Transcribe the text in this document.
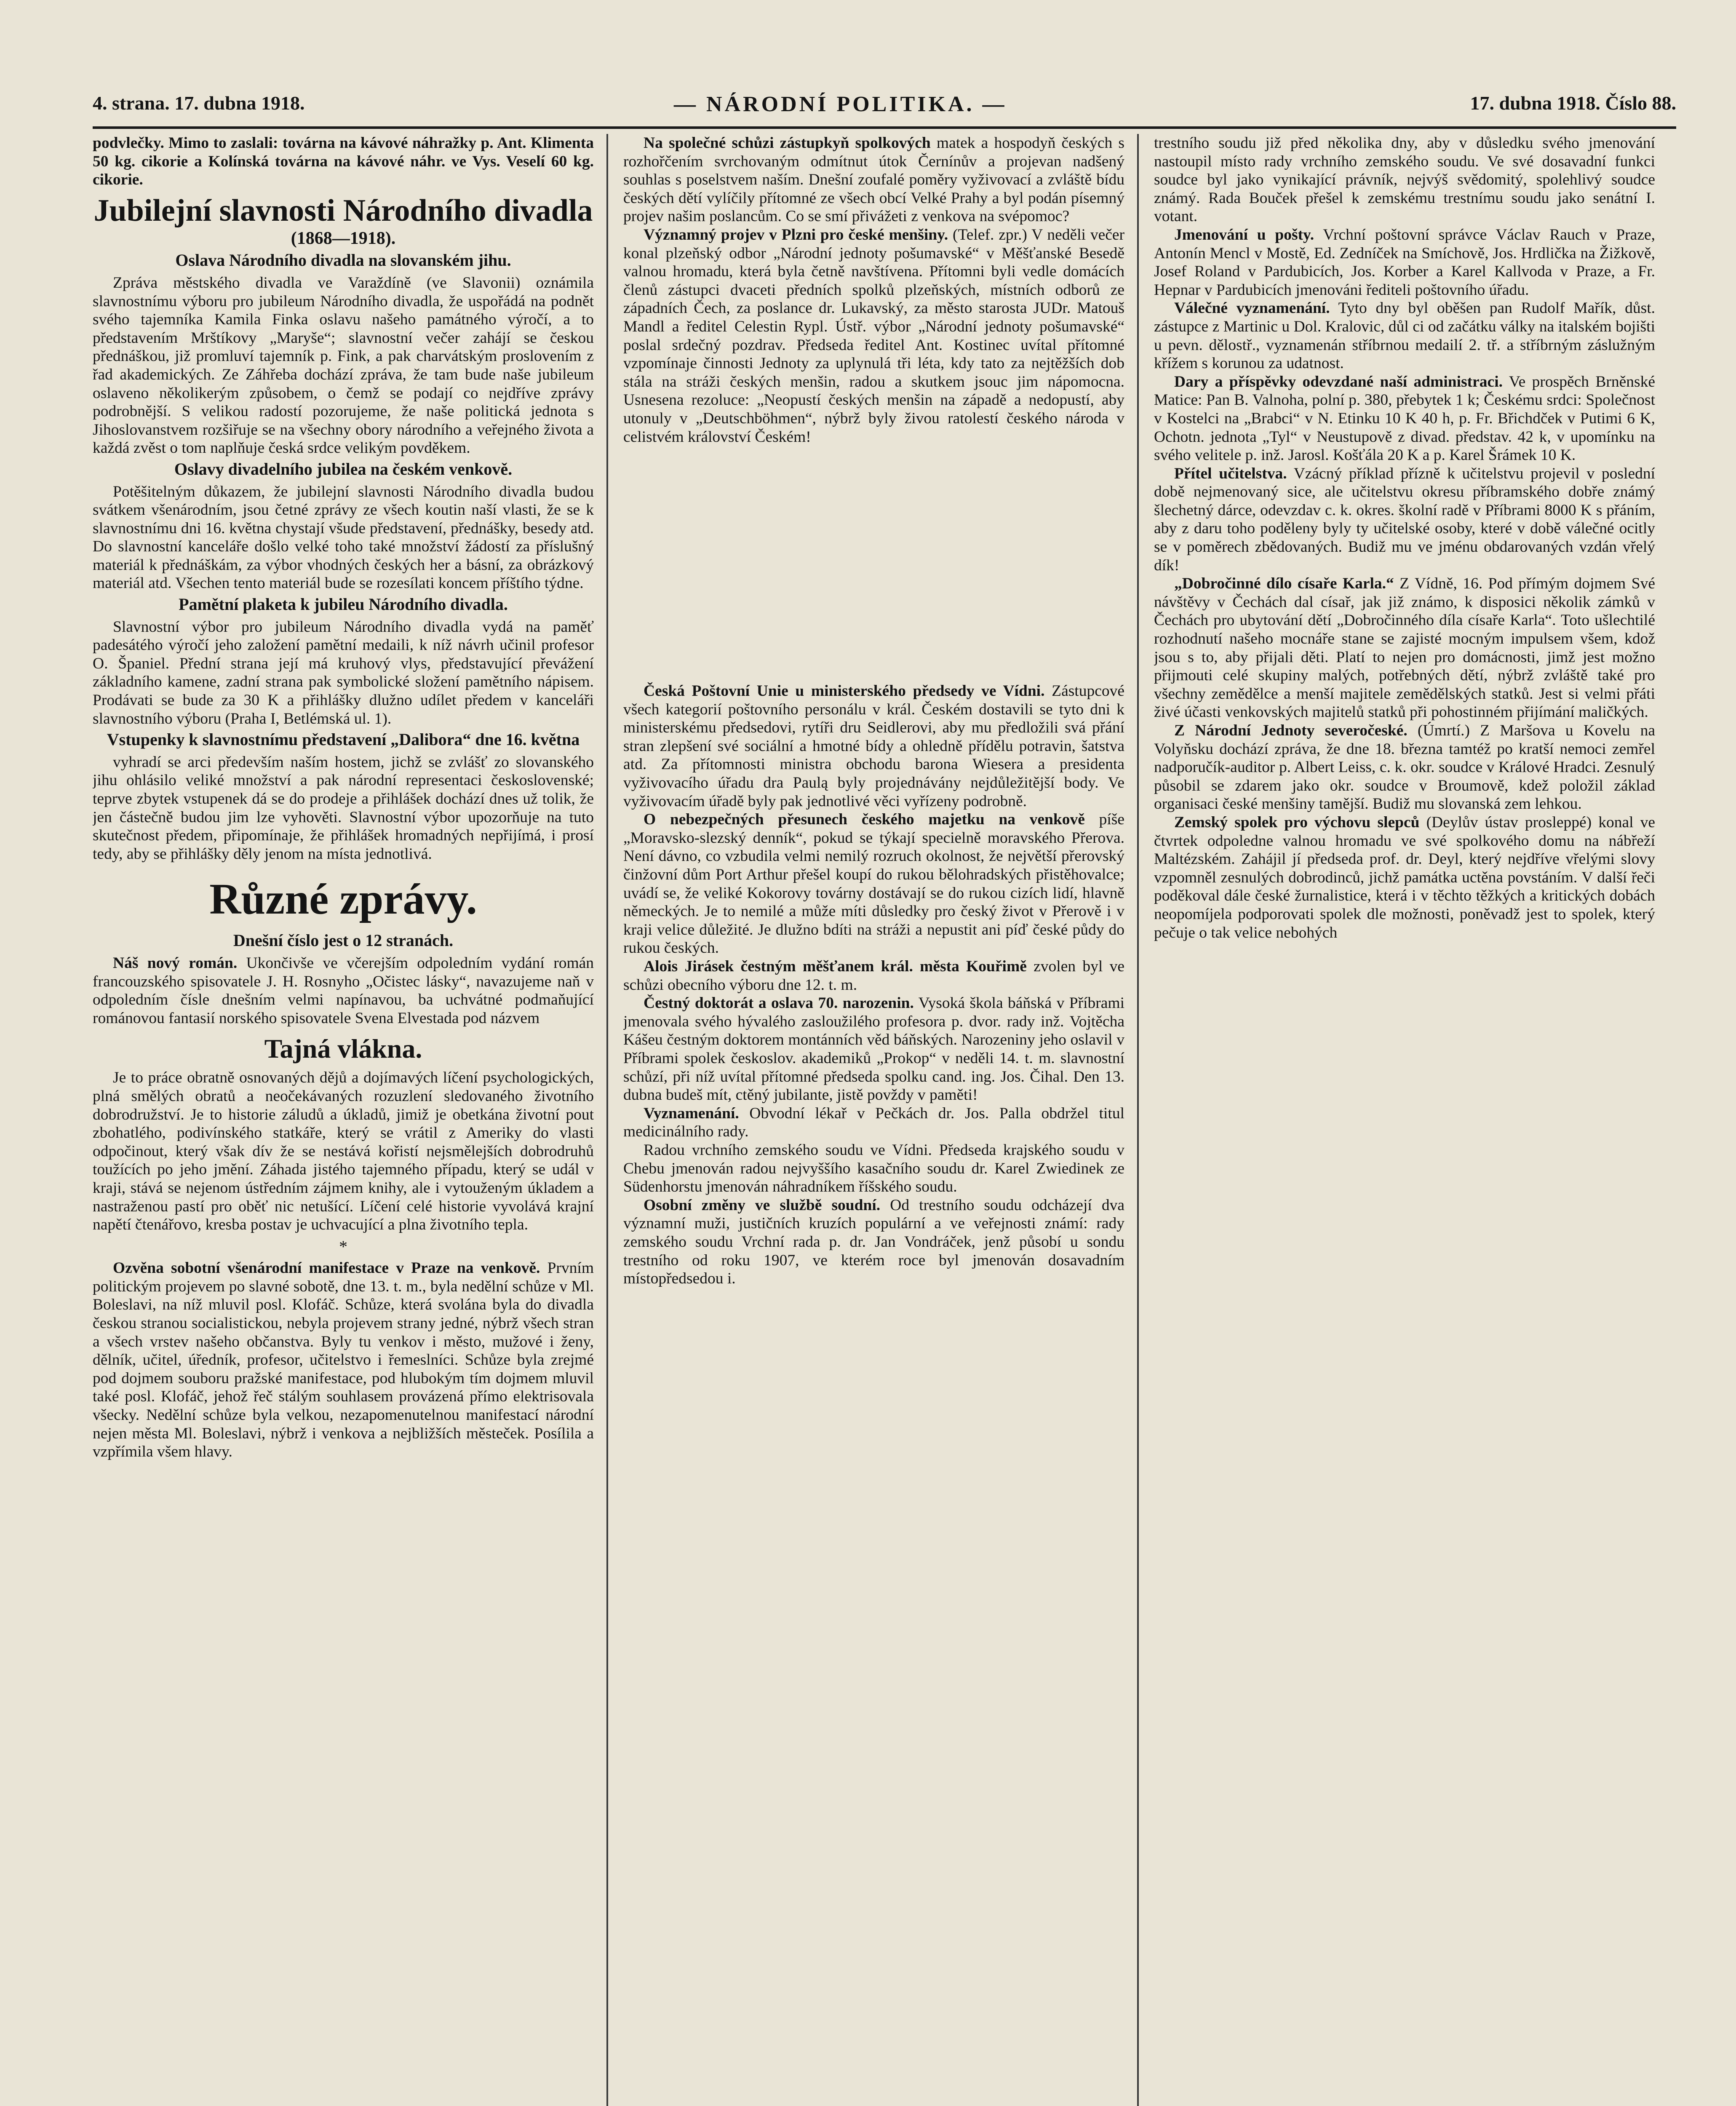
4. strana. 17. dubna 1918.	— NÁRODNÍ POLITIKA. —	17. dubna 1918. Číslo 88.

podvlečky. Mimo to zaslali: továrna na kávové náhražky p. Ant. Klimenta 50 kg. cikorie a Kolínská továrna na kávové náhr. ve Vys. Veselí 60 kg. cikorie.

Jubilejní slavnosti Národního divadla
(1868—1918).
Oslava Národního divadla na slovanském jihu.

Zpráva městského divadla ve Varaždíně (ve Slavonii) oznámila slavnostnímu výboru pro jubileum Národního divadla, že uspořádá na podnět svého tajemníka Kamila Finka oslavu našeho památného výročí, a to představením Mrštíkovy „Maryše“; slavnostní večer zahájí se českou přednáškou, již promluví tajemník p. Fink, a pak charvátským proslovením z řad akademických. Ze Záhřeba dochází zpráva, že tam bude naše jubileum oslaveno několikerým způsobem, o čemž se podají co nejdříve zprávy podrobnější. S velikou radostí pozorujeme, že naše politická jednota s Jihoslovanstvem rozšiřuje se na všechny obory národního a veřejného života a každá zvěst o tom naplňuje česká srdce velikým povděkem.

Oslavy divadelního jubilea na českém venkově.

Potěšitelným důkazem, že jubilejní slavnosti Národního divadla budou svátkem všenárodním, jsou četné zprávy ze všech koutin naší vlasti, že se k slavnostnímu dni 16. května chystají všude představení, přednášky, besedy atd. Do slavnostní kanceláře došlo velké toho také množství žádostí za příslušný materiál k přednáškám, za výbor vhodných českých her a básní, za obrázkový materiál atd. Všechen tento materiál bude se rozesílati koncem příštího týdne.

Pamětní plaketa k jubileu Národního divadla.

Slavnostní výbor pro jubileum Národního divadla vydá na paměť padesátého výročí jeho založení pamětní medaili, k níž návrh učinil profesor O. Španiel. Přední strana její má kruhový vlys, představující převážení základního kamene, zadní strana pak symbolické složení pamětního nápisem. Prodávati se bude za 30 K a přihlášky dlužno udílet předem v kanceláři slavnostního výboru (Praha I, Betlémská ul. 1).

Vstupenky k slavnostnímu představení „Dalibora“ dne 16. května

vyhradí se arci především naším hostem, jichž se zvlášť zo slovanského jihu ohlásilo veliké množství a pak národní representaci československé; teprve zbytek vstupenek dá se do prodeje a přihlášek dochází dnes už tolik, že jen částečně budou jim lze vyhověti. Slavnostní výbor upozorňuje na tuto skutečnost předem, připomínaje, že přihlášek hromadných nepřijímá, i prosí tedy, aby se přihlášky děly jenom na místa jednotlivá.

Různé zprávy.
Dnešní číslo jest o 12 stranách.

Náš nový román. Ukončivše ve včerejším odpoledním vydání román francouzského spisovatele J. H. Rosnyho „Očistec lásky“, navazujeme naň v odpoledním čísle dnešním velmi napínavou, ba uchvátné podmaňující románovou fantasií norského spisovatele Svena Elvestada pod názvem

Tajná vlákna.

Je to práce obratně osnovaných dějů a dojímavých líčení psychologických, plná smělých obratů a neočekávaných rozuzlení sledovaného životního dobrodružství. Je to historie záludů a úkladů, jimiž je obetkána životní pout zbohatlého, podivínského statkáře, který se vrátil z Ameriky do vlasti odpočinout, který však dív že se nestává kořistí nejsmělejších dobrodruhů toužících po jeho jmění. Záhada jistého tajemného případu, který se udál v kraji, stává se nejenom ústředním zájmem knihy, ale i vytouženým úkladem a nastraženou pastí pro oběť nic netušící. Líčení celé historie vyvolává krajní napětí čtenářovo, kresba postav je uchvacující a plna životního tepla.

*

Ozvěna sobotní všenárodní manifestace v Praze na venkově. Prvním politickým projevem po slavné sobotě, dne 13. t. m., byla nedělní schůze v Ml. Boleslavi, na níž mluvil posl. Klofáč. Schůze, která svolána byla do divadla českou stranou socialistickou, nebyla projevem strany jedné, nýbrž všech stran a všech vrstev našeho občanstva. Byly tu venkov i město, mužové i ženy, dělník, učitel, úředník, profesor, učitelstvo i řemeslníci. Schůze byla zrejmé pod dojmem souboru pražské manifestace, pod hlubokým tím dojmem mluvil také posl. Klofáč, jehož řeč stálým souhlasem provázená přímo elektrisovala všecky. Nedělní schůze byla velkou, nezapomenutelnou manifestací národní nejen města Ml. Boleslavi, nýbrž i venkova a nejbližších městeček. Posílila a vzpřímila všem hlavy.

Na společné schůzi zástupkyň spolkových matek a hospodyň českých s rozhořčením svrchovaným odmítnut útok Černínův a projevan nadšený souhlas s poselstvem naším. Dnešní zoufalé poměry vyživovací a zvláště bídu českých dětí vylíčily přítomné ze všech obcí Velké Prahy a byl podán písemný projev našim poslancům. Co se smí přivážeti z venkova na svépomoc?

Významný projev v Plzni pro české menšiny. (Telef. zpr.) V neděli večer konal plzeňský odbor „Národní jednoty pošumavské“ v Měšťanské Besedě valnou hromadu, která byla četně navštívena. Přítomni byli vedle domácích členů zástupci dvaceti předních spolků plzeňských, místních odborů ze západních Čech, za poslance dr. Lukavský, za město starosta JUDr. Matouš Mandl a ředitel Celestin Rypl. Ústř. výbor „Národní jednoty pošumavské“ poslal srdečný pozdrav. Předseda ředitel Ant. Kostinec uvítal přítomné vzpomínaje činnosti Jednoty za uplynulá tři léta, kdy tato za nejtěžších dob stála na stráži českých menšin, radou a skutkem jsouc jim nápomocna. Usnesena rezoluce: „Neopustí českých menšin na západě a nedopustí, aby utonuly v „Deutschböhmen“, nýbrž byly živou ratolestí českého národa v celistvém království Českém!

Česká Poštovní Unie u ministerského předsedy ve Vídni. Zástupcové všech kategorií poštovního personálu v král. Českém dostavili se tyto dni k ministerskému předsedovi, rytíři dru Seidlerovi, aby mu předložili svá přání stran zlepšení své sociální a hmotné bídy a ohledně přídělu potravin, šatstva atd. Za přítomnosti ministra obchodu barona Wiesera a presidenta vyživovacího úřadu dra Paulą byly projednávány nejdůležitější body. Ve vyživovacím úřadě byly pak jednotlivé věci vyřízeny podrobně.

O nebezpečných přesunech českého majetku na venkově píše „Moravsko-slezský denník“, pokud se týkají specielně moravského Přerova. Není dávno, co vzbudila velmi nemilý rozruch okolnost, že největší přerovský činžovní dům Port Arthur přešel koupí do rukou bělohradských přistěhovalce; uvádí se, že veliké Kokorovy továrny dostávají se do rukou cizích lidí, hlavně německých. Je to nemilé a může míti důsledky pro český život v Přerově i v kraji velice důležité. Je dlužno bdíti na stráži a nepustit ani píď české půdy do rukou českých.

Alois Jirásek čestným měšťanem král. města Kouřimě zvolen byl ve schůzi obecního výboru dne 12. t. m.

Čestný doktorát a oslava 70. narozenin. Vysoká škola báňská v Příbrami jmenovala svého hývalého zasloužilého profesora p. dvor. rady inž. Vojtěcha Kášeu čestným doktorem montánních věd báňských. Narozeniny jeho oslavil v Příbrami spolek českoslov. akademiků „Prokop“ v neděli 14. t. m. slavnostní schůzí, při níž uvítal přítomné předseda spolku cand. ing. Jos. Čihal. Den 13. dubna budeš mít, ctěný jubilante, jistě povždy v paměti!

Vyznamenání. Obvodní lékař v Pečkách dr. Jos. Palla obdržel titul medicinálního rady.

Radou vrchního zemského soudu ve Vídni. Předseda krajského soudu v Chebu jmenován radou nejvyššího kasačního soudu dr. Karel Zwiedinek ze Südenhorstu jmenován náhradníkem říšského soudu.

Osobní změny ve službě soudní. Od trestního soudu odcházejí dva významní muži, justičních kruzích populární a ve veřejnosti známí: rady zemského soudu Vrchní rada p. dr. Jan Vondráček, jenž působí u sondu trestního od roku 1907, ve kterém roce byl jmenován dosavadním místopředsedou i.

trestního soudu již před několika dny, aby v důsledku svého jmenování nastoupil místo rady vrchního zemského soudu. Ve své dosavadní funkci soudce byl jako vynikající právník, nejvýš svědomitý, spolehlivý soudce známý. Rada Bouček přešel k zemskému trestnímu soudu jako senátní I. votant.

Jmenování u pošty. Vrchní poštovní správce Václav Rauch v Praze, Antonín Mencl v Mostě, Ed. Zedníček na Smíchově, Jos. Hrdlička na Žižkově, Josef Roland v Pardubicích, Jos. Korber a Karel Kallvoda v Praze, a Fr. Hepnar v Pardubicích jmenováni řediteli poštovního úřadu.

Válečné vyznamenání. Tyto dny byl oběšen pan Rudolf Mařík, důst. zástupce z Martinic u Dol. Kralovic, důl ci od začátku války na italském bojišti u pevn. dělostř., vyznamenán stříbrnou medailí 2. tř. a stříbrným záslužným křížem s korunou za udatnost.

Dary a příspěvky odevzdané naší administraci. Ve prospěch Brněnské Matice: Pan B. Valnoha, polní p. 380, přebytek 1 k; Českému srdci: Společnost v Kostelci na „Brabci“ v N. Etinku 10 K 40 h, p. Fr. Břichdček v Putimi 6 K, Ochotn. jednota „Tyl“ v Neustupově z divad. představ. 42 k, v upomínku na svého velitele p. inž. Jarosl. Košťála 20 K a p. Karel Šrámek 10 K.

Přítel učitelstva. Vzácný příklad přízně k učitelstvu projevil v poslední době nejmenovaný sice, ale učitelstvu okresu příbramského dobře známý šlechetný dárce, odevzdav c. k. okres. školní radě v Příbrami 8000 K s přáním, aby z daru toho poděleny byly ty učitelské osoby, které v době válečné ocitly se v poměrech zbědovaných. Budiž mu ve jménu obdarovaných vzdán vřelý dík!

„Dobročinné dílo císaře Karla.“ Z Vídně, 16. Pod přímým dojmem Své návštěvy v Čechách dal císař, jak již známo, k disposici několik zámků v Čechách pro ubytování dětí „Dobročinného díla císaře Karla“. Toto ušlechtilé rozhodnutí našeho mocnáře stane se zajisté mocným impulsem všem, kdož jsou s to, aby přijali děti. Platí to nejen pro domácnosti, jimž jest možno přijmouti celé skupiny malých, potřebných dětí, nýbrž zvláště také pro všechny zemědělce a menší majitele zemědělských statků. Jest si velmi přáti živé účasti venkovských majitelů statků při pohostinném přijímání maličkých.

Z Národní Jednoty severočeské. (Úmrtí.) Z Maršova u Kovelu na Volyňsku dochází zpráva, že dne 18. března tamtéž po kratší nemoci zemřel nadporučík-auditor p. Albert Leiss, c. k. okr. soudce v Králové Hradci. Zesnulý působil se zdarem jako okr. soudce v Broumově, kdež položil základ organisaci české menšiny tamější. Budiž mu slovanská zem lehkou.

Zemský spolek pro výchovu slepců (Deylův ústav prosleppé) konal ve čtvrtek odpoledne valnou hromadu ve své spolkového domu na nábřeží Maltézském. Zahájil jí předseda prof. dr. Deyl, který nejdříve vřelými slovy vzpomněl zesnulých dobrodinců, jichž památka uctěna povstáním. V další řeči poděkoval dále české žurnalistice, která i v těchto těžkých a kritických dobách neopomíjela podporovati spolek dle možnosti, poněvadž jest to spolek, který pečuje o tak velice nebohých
